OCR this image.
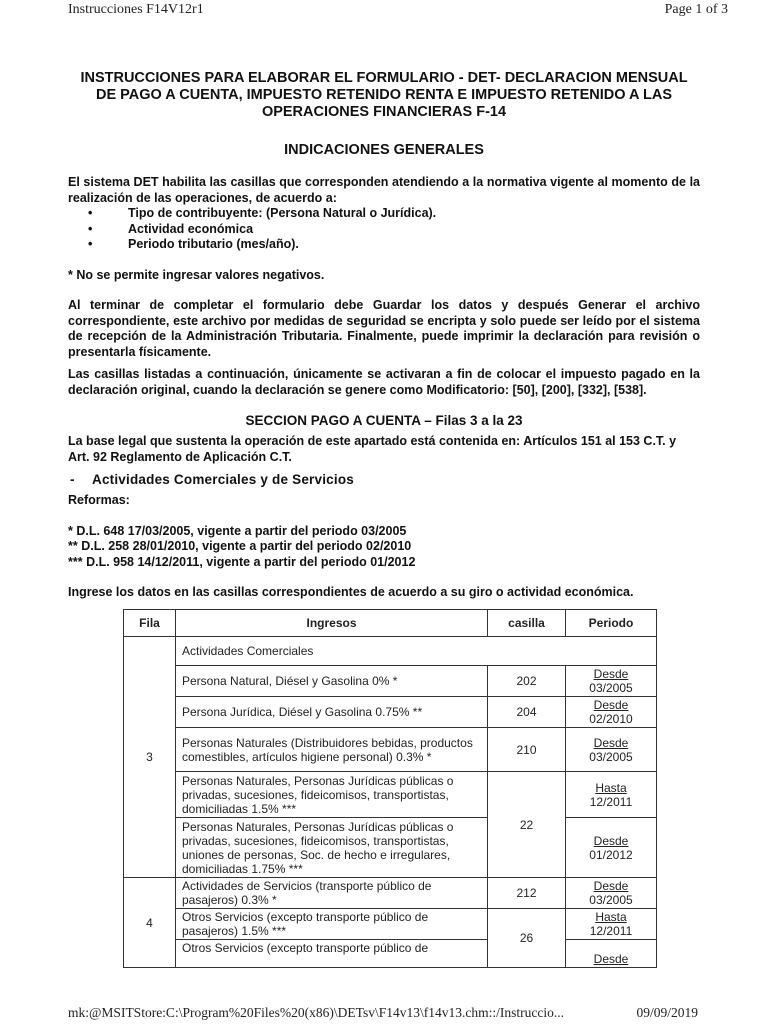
Instrucciones F14V12r1	Page 1 of 3
INSTRUCCIONES PARA ELABORAR EL FORMULARIO - DET- DECLARACION MENSUAL
DE PAGO A CUENTA, IMPUESTO RETENIDO RENTA E IMPUESTO RETENIDO A LAS
OPERACIONES FINANCIERAS F-14
INDICACIONES GENERALES

El sistema DET habilita las casillas que corresponden atendiendo a la normativa vigente al momento de la realización de las operaciones, de acuerdo a:

• Tipo de contribuyente: (Persona Natural o Jurídica).
• Actividad económica
• Periodo tributario (mes/año).

* No se permite ingresar valores negativos.

Al terminar de completar el formulario debe Guardar los datos y después Generar el archivo correspondiente, este archivo por medidas de seguridad se encripta y solo puede ser leído por el sistema de recepción de la Administración Tributaria. Finalmente, puede imprimir la declaración para revisión o presentarla físicamente.

Las casillas listadas a continuación, únicamente se activaran a fin de colocar el impuesto pagado en la declaración original, cuando la declaración se genere como Modificatorio: [50], [200], [332], [538].

SECCION PAGO A CUENTA – Filas 3 a la 23

La base legal que sustenta la operación de este apartado está contenida en: Artículos 151 al 153 C.T. y Art. 92 Reglamento de Aplicación C.T.

- Actividades Comerciales y de Servicios

Reformas:

* D.L. 648 17/03/2005, vigente a partir del periodo 03/2005

** D.L. 258 28/01/2010, vigente a partir del periodo 02/2010

*** D.L. 958 14/12/2011, vigente a partir del periodo 01/2012

Ingrese los datos en las casillas correspondientes de acuerdo a su giro o actividad económica.

Fila	Ingresos	casilla	Periodo
3	Actividades Comerciales		
	Persona Natural, Diésel y Gasolina 0% *	202	Desde
03/2005
	Persona Jurídica, Diésel y Gasolina 0.75% **	204	Desde
02/2010
	Personas Naturales (Distribuidores bebidas, productos comestibles, artículos higiene personal) 0.3% *	210	Desde
03/2005
	Personas Naturales, Personas Jurídicas públicas o privadas, sucesiones, fideicomisos, transportistas, domiciliadas 1.5% ***	22	Hasta
12/2011
	Personas Naturales, Personas Jurídicas públicas o privadas, sucesiones, fideicomisos, transportistas, uniones de personas, Soc. de hecho e irregulares, domiciliadas 1.75% ***		Desde
01/2012
4	Actividades de Servicios (transporte público de pasajeros) 0.3% *	212	Desde
03/2005
	Otros Servicios (excepto transporte público de pasajeros) 1.5% ***	26	Hasta
12/2011
	Otros Servicios (excepto transporte público de		Desde
mk:@MSITStore:C:\Program%20Files%20(x86)\DETsv\F14v13\f14v13.chm::/Instruccio...	09/09/2019
